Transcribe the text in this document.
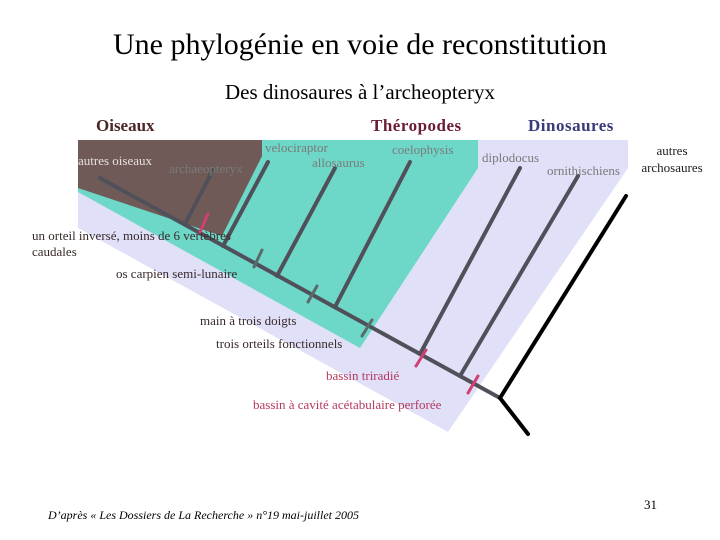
Une phylogénie en voie de reconstitution
Des dinosaures à l’archeopteryx
Oiseaux	Théropodes	Dinosaures
autres oiseaux
archaeopteryx
velociraptor
allosaurus
coelophysis
diplodocus
ornithischiens
autres archosaures
un orteil inversé, moins de 6 vertèbres caudales
os carpien semi-lunaire
main à trois doigts
trois orteils fonctionnels
bassin triradié
bassin à cavité acétabulaire perforée
D’après « Les Dossiers de La Recherche » n°19 mai-juillet 2005
31
